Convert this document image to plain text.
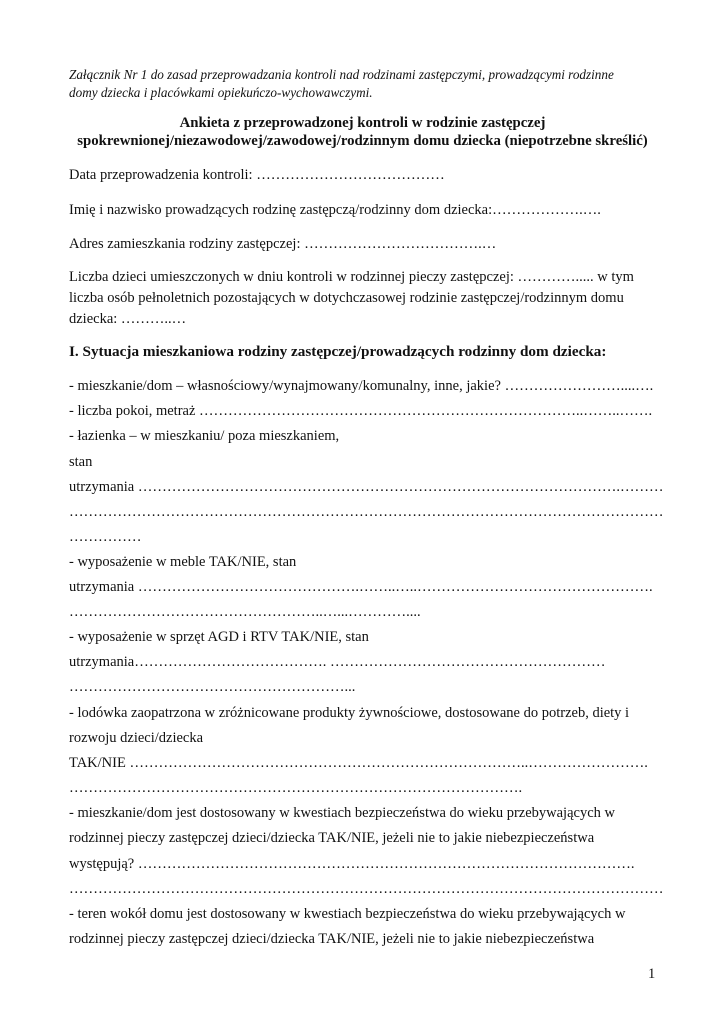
Załącznik Nr 1 do zasad przeprowadzania kontroli nad rodzinami zastępczymi, prowadzącymi rodzinne
domy dziecka i placówkami opiekuńczo-wychowawczymi.
Ankieta z przeprowadzonej kontroli w rodzinie zastępczej
spokrewnionej/niezawodowej/zawodowej/rodzinnym domu dziecka (niepotrzebne skreślić)
Data przeprowadzenia kontroli: …………………………………
Imię i nazwisko prowadzących rodzinę zastępczą/rodzinny dom dziecka:……………….….
Adres zamieszkania rodziny zastępczej: ……………………………….…
Liczba dzieci umieszczonych w dniu kontroli w rodzinnej pieczy zastępczej: …………..... w tym
liczba osób pełnoletnich pozostających w dotychczasowej rodzinie zastępczej/rodzinnym domu
dziecka: ………..…
I. Sytuacja mieszkaniowa rodziny zastępczej/prowadzących rodzinny dom dziecka:
- mieszkanie/dom – własnościowy/wynajmowany/komunalny, inne, jakie? ……………………....….
- liczba pokoi, metraż ……………………………………………………………………..……..…….
- łazienka – w mieszkaniu/ poza mieszkaniem,
stan
utrzymania ……………………………………………………………………………………….………
……………………………………………………………………………………………………………
……………
- wyposażenie w meble TAK/NIE, stan
utrzymania ……………………………………….……..…..………………………………………….
……………………………………………..…...…………....
- wyposażenie w sprzęt AGD i RTV TAK/NIE, stan
utrzymania…………………………………. …………………………………………………
…………………………………………………...
- lodówka zaopatrzona w zróżnicowane produkty żywnościowe, dostosowane do potrzeb, diety i
rozwoju dzieci/dziecka
TAK/NIE ………………………………………………………………………..…………………….
………………………………………………………………………………….
- mieszkanie/dom jest dostosowany w kwestiach bezpieczeństwa do wieku przebywających w
rodzinnej pieczy zastępczej dzieci/dziecka TAK/NIE, jeżeli nie to jakie niebezpieczeństwa
występują? ………………………………………………………………………………………….
……………………………………………………………………………………………………………
- teren wokół domu jest dostosowany w kwestiach bezpieczeństwa do wieku przebywających w
rodzinnej pieczy zastępczej dzieci/dziecka TAK/NIE, jeżeli nie to jakie niebezpieczeństwa
1
